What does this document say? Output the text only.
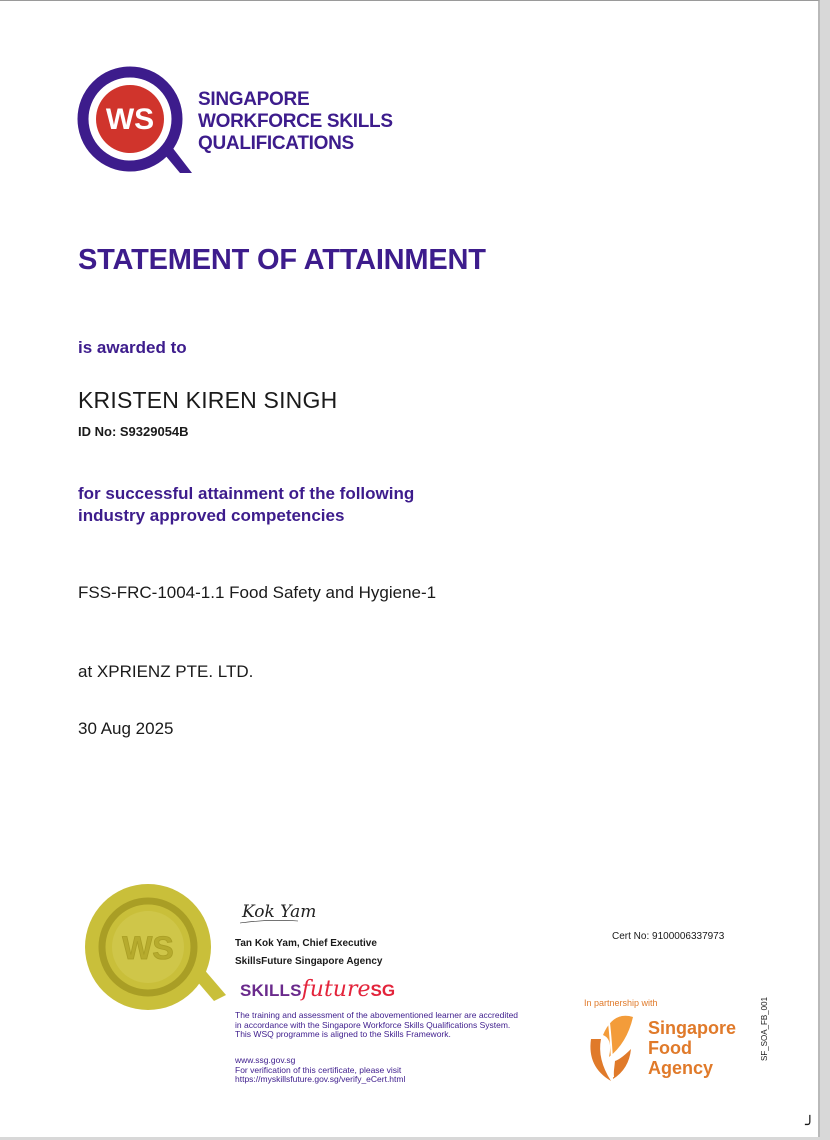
WS
SINGAPORE
WORKFORCE SKILLS
QUALIFICATIONS
STATEMENT OF ATTAINMENT
is awarded to
KRISTEN KIREN SINGH
ID No: S9329054B
for successful attainment of the following
industry approved competencies
FSS-FRC-1004-1.1 Food Safety and Hygiene-1
at XPRIENZ PTE. LTD.
30 Aug 2025
WS
Kok Yam
Tan Kok Yam, Chief Executive
SkillsFuture Singapore Agency
SKILLSfutureSG
The training and assessment of the abovementioned learner are accredited
in accordance with the Singapore Workforce Skills Qualifications System.
This WSQ programme is aligned to the Skills Framework.
www.ssg.gov.sg
For verification of this certificate, please visit
https://myskillsfuture.gov.sg/verify_eCert.html
Cert No: 9100006337973
In partnership with
Singapore
Food
Agency
SF_SOA_FB_001
╯
